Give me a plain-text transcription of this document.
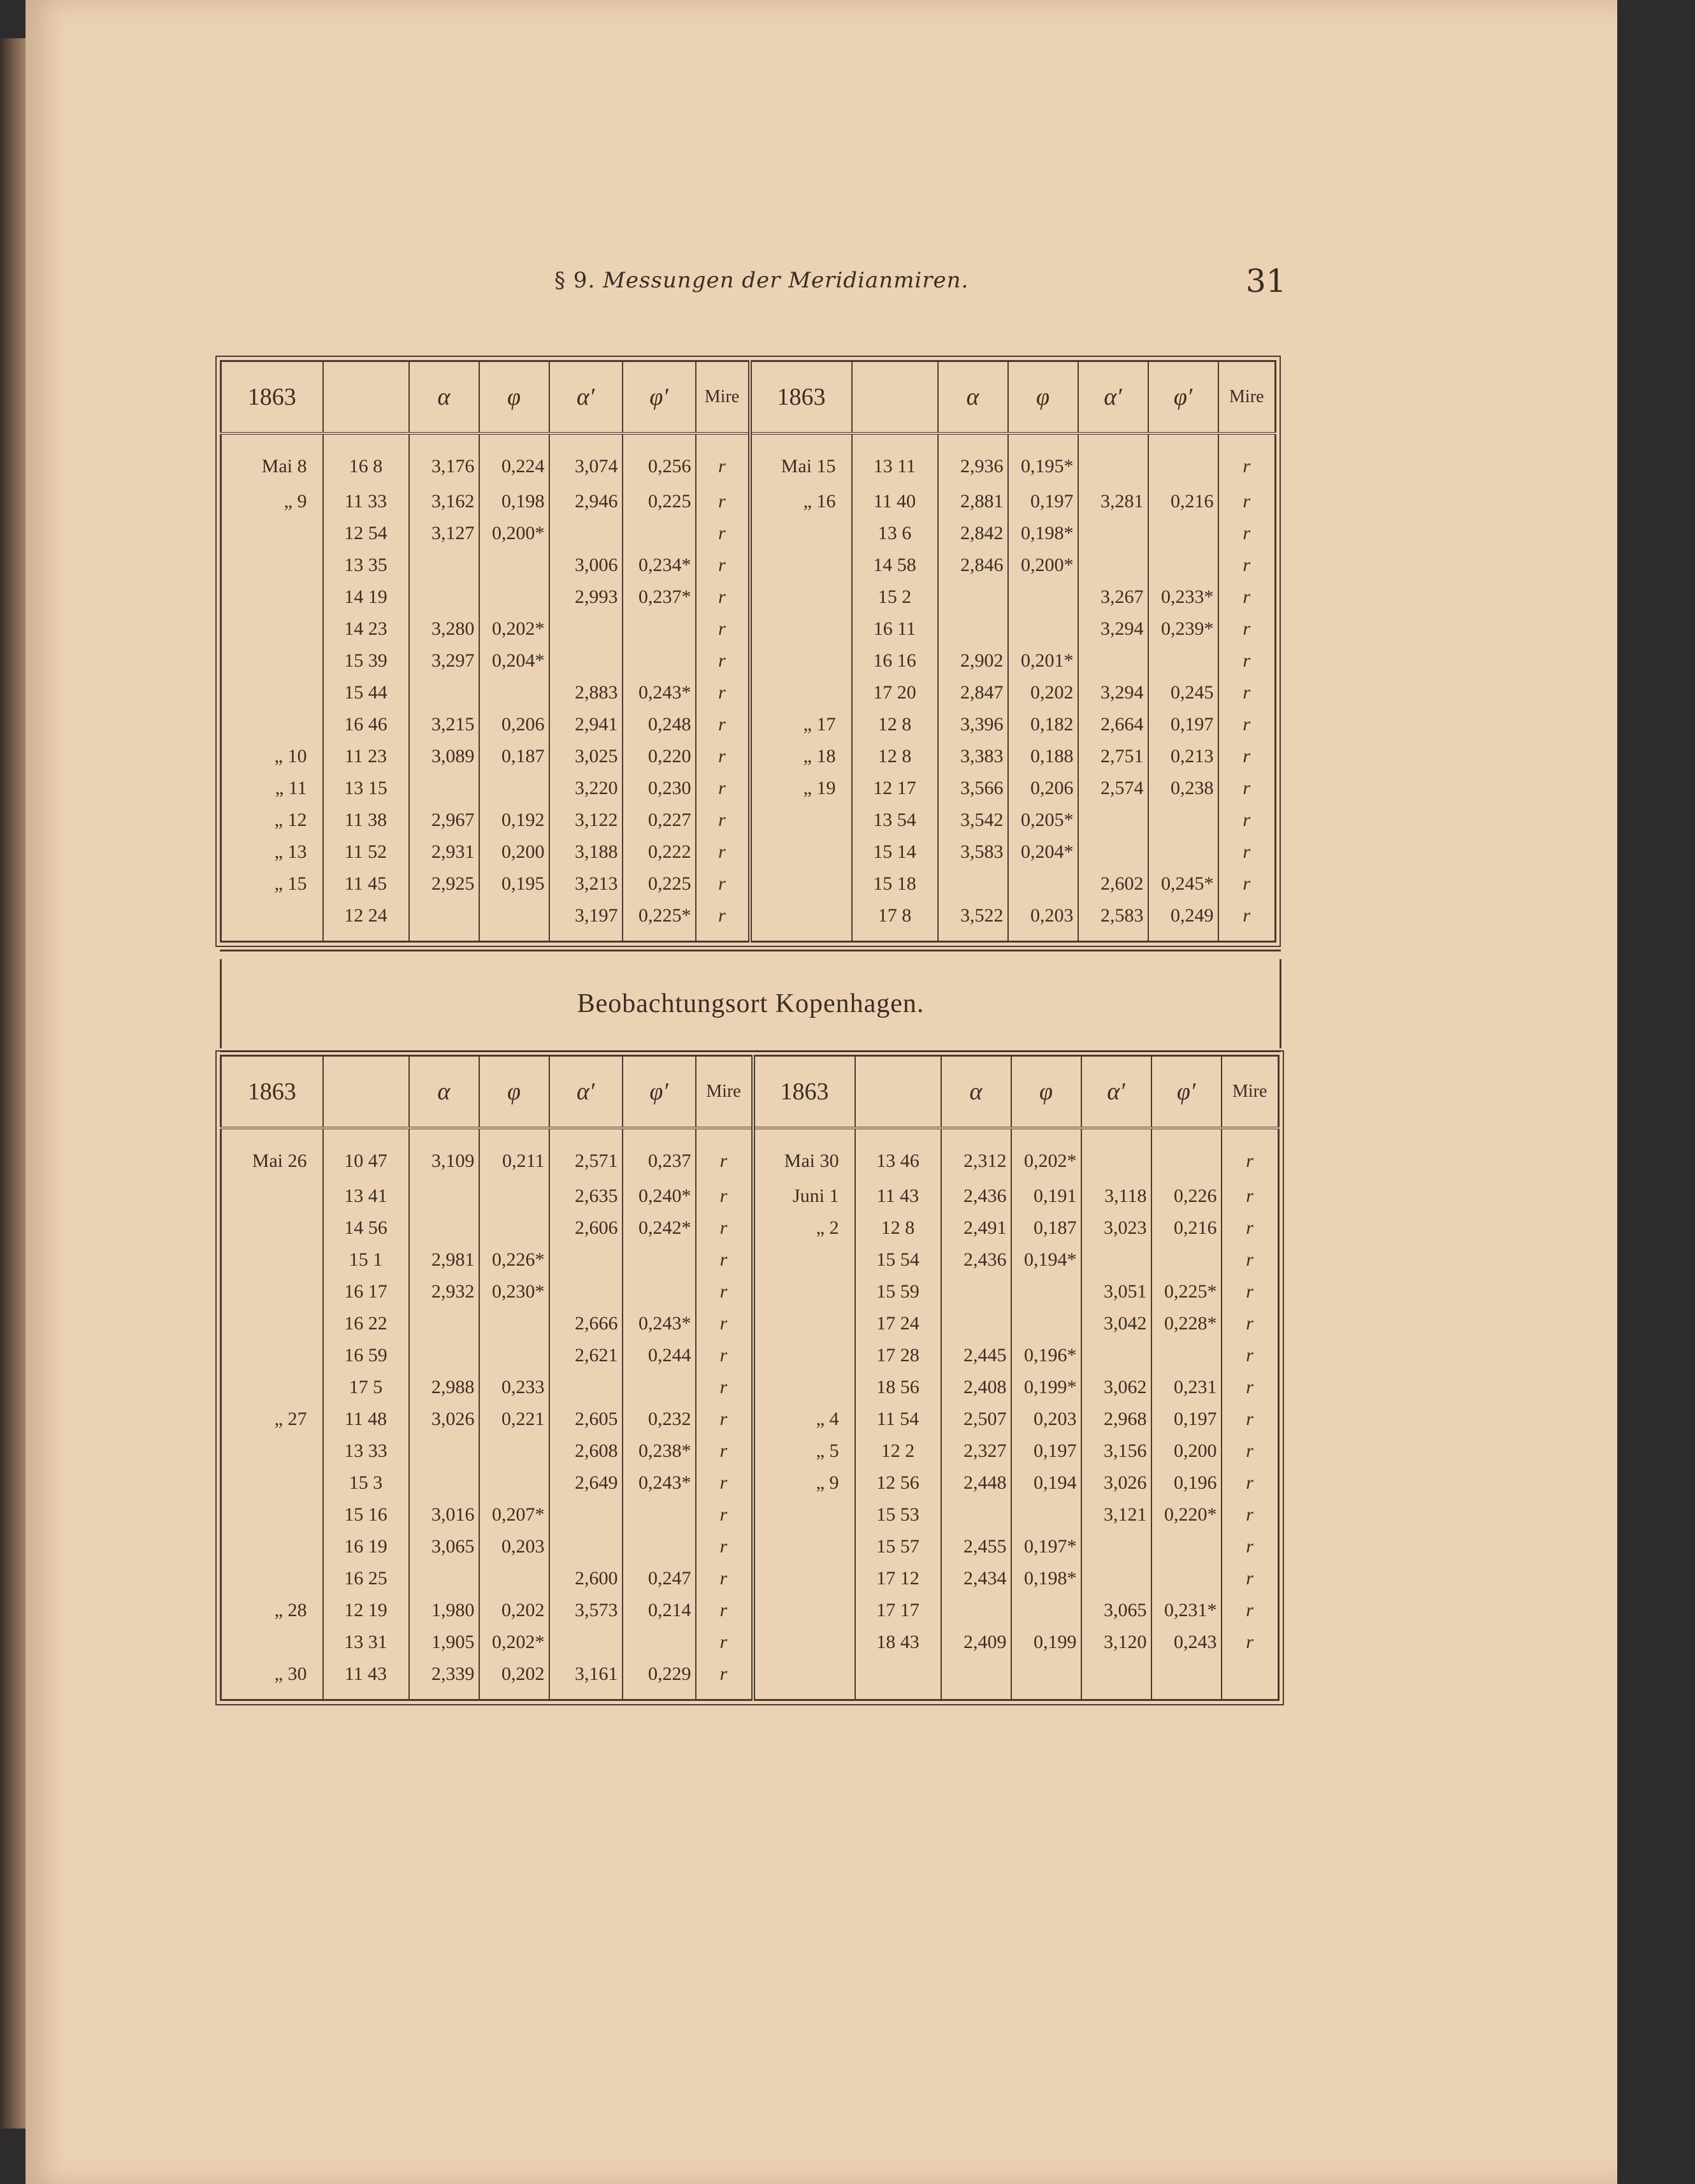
§ 9. Messungen der Meridianmiren.	31
1863		α	φ	α′	φ′	Mire	1863		α	φ	α′	φ′	Mire
Mai 8	16 8	3,176	0,224	3,074	0,256	r	Mai 15	13 11	2,936	0,195*			r
„ 9	11 33	3,162	0,198	2,946	0,225	r	„ 16	11 40	2,881	0,197	3,281	0,216	r
	12 54	3,127	0,200*			r		13 6	2,842	0,198*			r
	13 35			3,006	0,234*	r		14 58	2,846	0,200*			r
	14 19			2,993	0,237*	r		15 2			3,267	0,233*	r
	14 23	3,280	0,202*			r		16 11			3,294	0,239*	r
	15 39	3,297	0,204*			r		16 16	2,902	0,201*			r
	15 44			2,883	0,243*	r		17 20	2,847	0,202	3,294	0,245	r
	16 46	3,215	0,206	2,941	0,248	r	„ 17	12 8	3,396	0,182	2,664	0,197	r
„ 10	11 23	3,089	0,187	3,025	0,220	r	„ 18	12 8	3,383	0,188	2,751	0,213	r
„ 11	13 15			3,220	0,230	r	„ 19	12 17	3,566	0,206	2,574	0,238	r
„ 12	11 38	2,967	0,192	3,122	0,227	r		13 54	3,542	0,205*			r
„ 13	11 52	2,931	0,200	3,188	0,222	r		15 14	3,583	0,204*			r
„ 15	11 45	2,925	0,195	3,213	0,225	r		15 18			2,602	0,245*	r
	12 24			3,197	0,225*	r		17 8	3,522	0,203	2,583	0,249	r
Beobachtungsort Kopenhagen.
1863		α	φ	α′	φ′	Mire	1863		α	φ	α′	φ′	Mire
Mai 26	10 47	3,109	0,211	2,571	0,237	r	Mai 30	13 46	2,312	0,202*			r
	13 41			2,635	0,240*	r	Juni 1	11 43	2,436	0,191	3,118	0,226	r
	14 56			2,606	0,242*	r	„ 2	12 8	2,491	0,187	3,023	0,216	r
	15 1	2,981	0,226*			r		15 54	2,436	0,194*			r
	16 17	2,932	0,230*			r		15 59			3,051	0,225*	r
	16 22			2,666	0,243*	r		17 24			3,042	0,228*	r
	16 59			2,621	0,244	r		17 28	2,445	0,196*			r
	17 5	2,988	0,233			r		18 56	2,408	0,199*	3,062	0,231	r
„ 27	11 48	3,026	0,221	2,605	0,232	r	„ 4	11 54	2,507	0,203	2,968	0,197	r
	13 33			2,608	0,238*	r	„ 5	12 2	2,327	0,197	3,156	0,200	r
	15 3			2,649	0,243*	r	„ 9	12 56	2,448	0,194	3,026	0,196	r
	15 16	3,016	0,207*			r		15 53			3,121	0,220*	r
	16 19	3,065	0,203			r		15 57	2,455	0,197*			r
	16 25			2,600	0,247	r		17 12	2,434	0,198*			r
„ 28	12 19	1,980	0,202	3,573	0,214	r		17 17			3,065	0,231*	r
	13 31	1,905	0,202*			r		18 43	2,409	0,199	3,120	0,243	r
„ 30	11 43	2,339	0,202	3,161	0,229	r							
